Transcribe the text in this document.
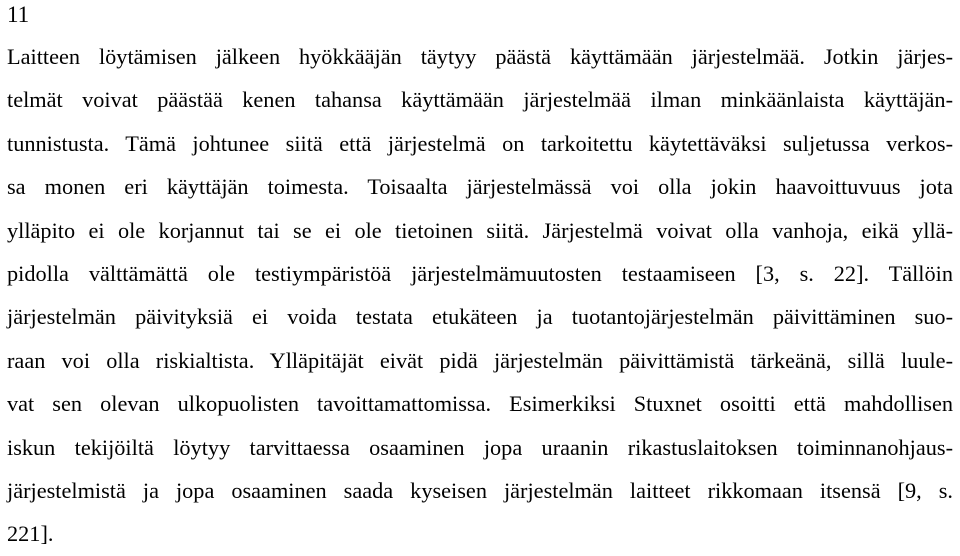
11
Laitteen löytämisen jälkeen hyökkääjän täytyy päästä käyttämään järjestelmää. Jotkin järjes-
telmät voivat päästää kenen tahansa käyttämään järjestelmää ilman minkäänlaista käyttäjän-
tunnistusta. Tämä johtunee siitä että järjestelmä on tarkoitettu käytettäväksi suljetussa verkos-
sa monen eri käyttäjän toimesta. Toisaalta järjestelmässä voi olla jokin haavoittuvuus jota
ylläpito ei ole korjannut tai se ei ole tietoinen siitä. Järjestelmä voivat olla vanhoja, eikä yllä-
pidolla välttämättä ole testiympäristöä järjestelmämuutosten testaamiseen [3, s. 22]. Tällöin
järjestelmän päivityksiä ei voida testata etukäteen ja tuotantojärjestelmän päivittäminen suo-
raan voi olla riskialtista. Ylläpitäjät eivät pidä järjestelmän päivittämistä tärkeänä, sillä luule-
vat sen olevan ulkopuolisten tavoittamattomissa. Esimerkiksi Stuxnet osoitti että mahdollisen
iskun tekijöiltä löytyy tarvittaessa osaaminen jopa uraanin rikastuslaitoksen toiminnanohjaus-
järjestelmistä ja jopa osaaminen saada kyseisen järjestelmän laitteet rikkomaan itsensä [9, s.
221].
